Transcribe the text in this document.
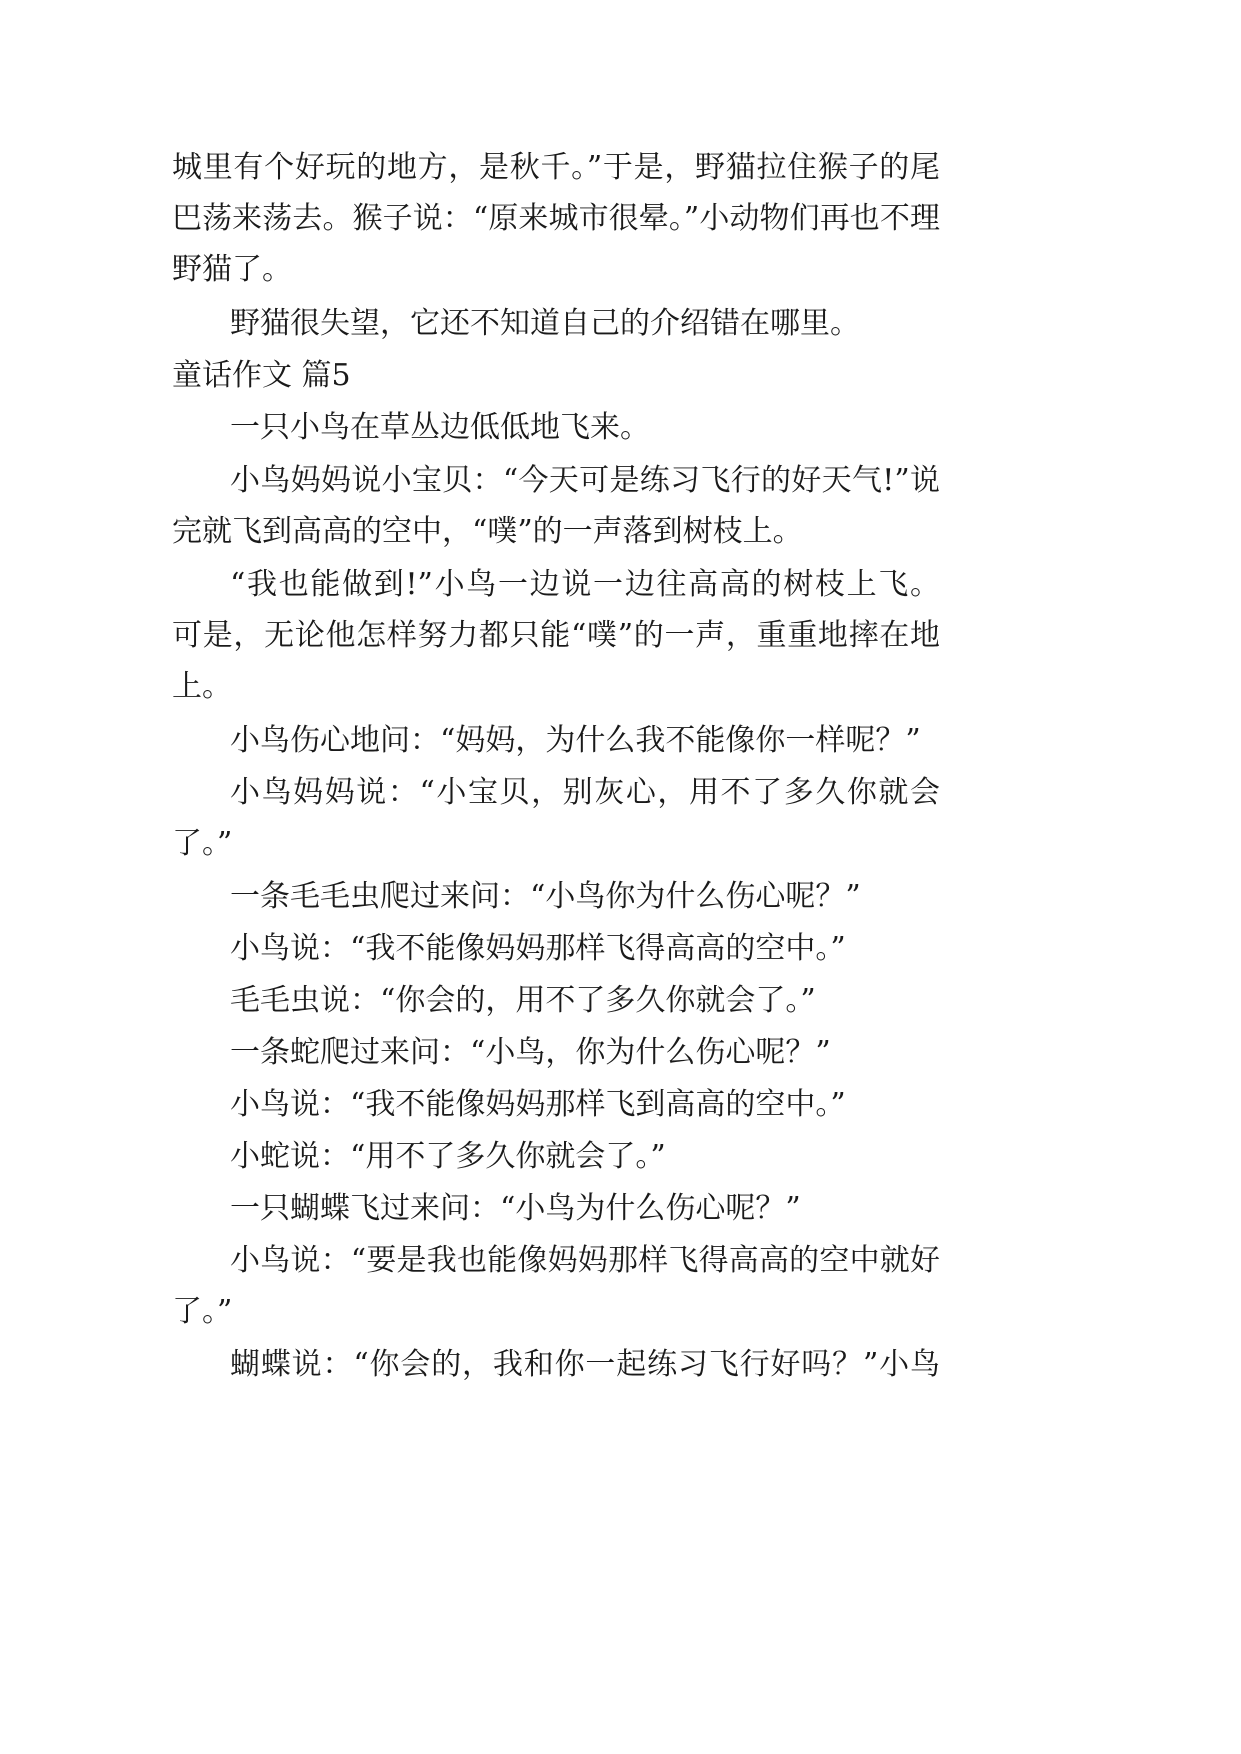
城里有个好玩的地方，是秋千。”于是，野猫拉住猴子的尾
巴荡来荡去。猴子说：“原来城市很晕。”小动物们再也不理
野猫了。
野猫很失望，它还不知道自己的介绍错在哪里。
童话作文 篇5
一只小鸟在草丛边低低地飞来。
小鸟妈妈说小宝贝：“今天可是练习飞行的好天气!”说
完就飞到高高的空中，“噗”的一声落到树枝上。
“我也能做到!”小鸟一边说一边往高高的树枝上飞。
可是，无论他怎样努力都只能“噗”的一声，重重地摔在地
上。
小鸟伤心地问：“妈妈，为什么我不能像你一样呢？”
小鸟妈妈说：“小宝贝，别灰心，用不了多久你就会
了。”
一条毛毛虫爬过来问：“小鸟你为什么伤心呢？”
小鸟说：“我不能像妈妈那样飞得高高的空中。”
毛毛虫说：“你会的，用不了多久你就会了。”
一条蛇爬过来问：“小鸟，你为什么伤心呢？”
小鸟说：“我不能像妈妈那样飞到高高的空中。”
小蛇说：“用不了多久你就会了。”
一只蝴蝶飞过来问：“小鸟为什么伤心呢？”
小鸟说：“要是我也能像妈妈那样飞得高高的空中就好
了。”
蝴蝶说：“你会的，我和你一起练习飞行好吗？”小鸟
